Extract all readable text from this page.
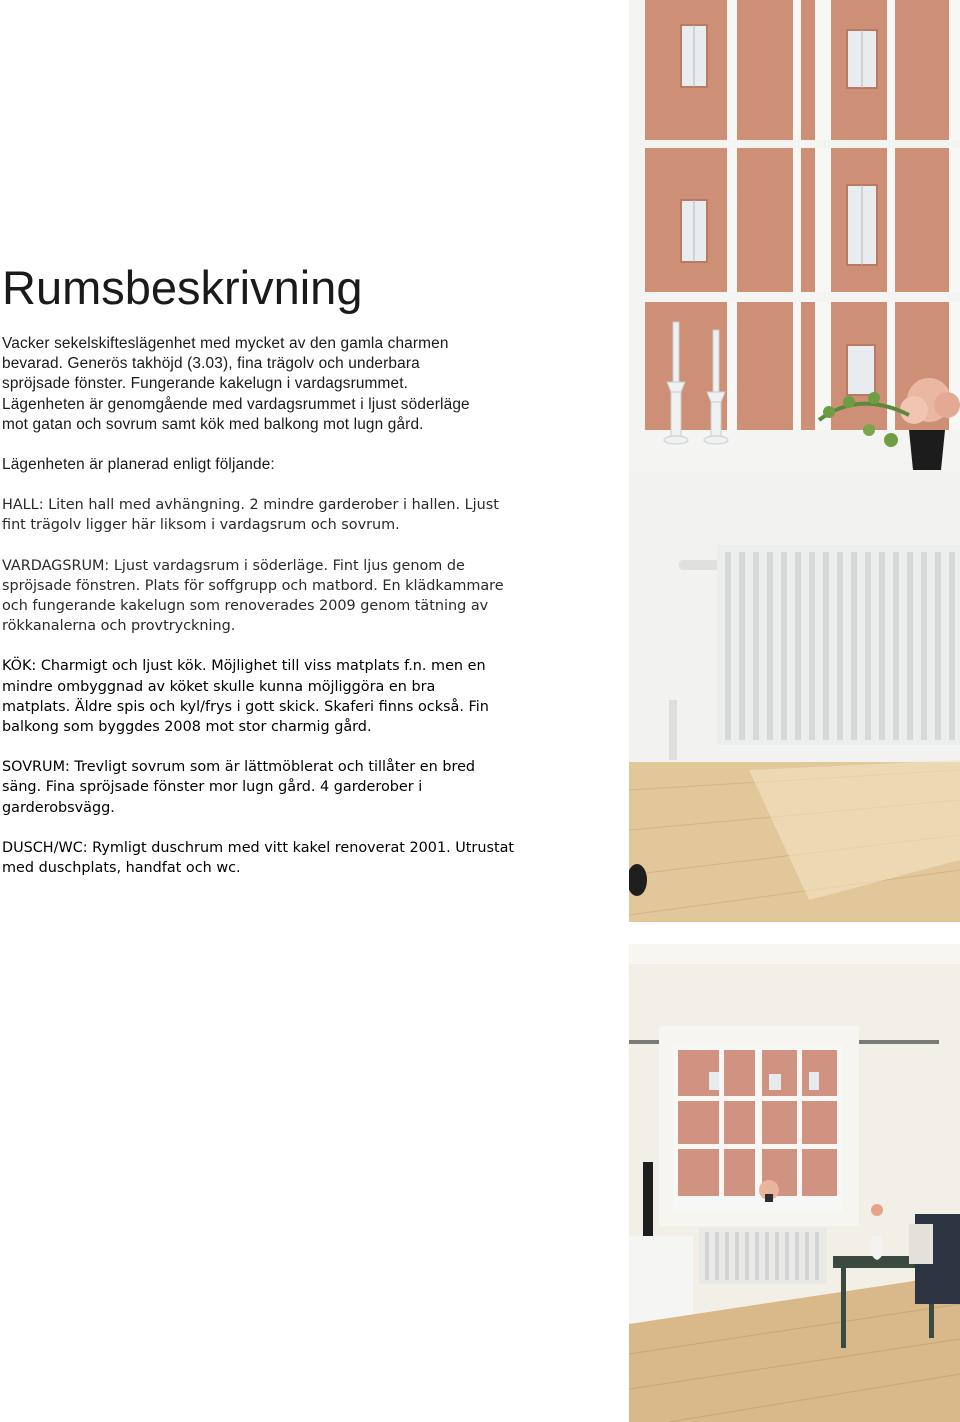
Rumsbeskrivning
Vacker sekelskifteslägenhet med mycket av den gamla charmen
bevarad. Generös takhöjd (3.03), fina trägolv och underbara
spröjsade fönster. Fungerande kakelugn i vardagsrummet.
Lägenheten är genomgående med vardagsrummet i ljust söderläge
mot gatan och sovrum samt kök med balkong mot lugn gård.
Lägenheten är planerad enligt följande:
HALL: Liten hall med avhängning. 2 mindre garderober i hallen. Ljust
fint trägolv ligger här liksom i vardagsrum och sovrum.
VARDAGSRUM: Ljust vardagsrum i söderläge. Fint ljus genom de
spröjsade fönstren. Plats för soffgrupp och matbord. En klädkammare
och fungerande kakelugn som renoverades 2009 genom tätning av
rökkanalerna och provtryckning.
KÖK: Charmigt och ljust kök. Möjlighet till viss matplats f.n. men en
mindre ombyggnad av köket skulle kunna möjliggöra en bra
matplats. Äldre spis och kyl/frys i gott skick. Skaferi finns också. Fin
balkong som byggdes 2008 mot stor charmig gård.
SOVRUM: Trevligt sovrum som är lättmöblerat och tillåter en bred
säng. Fina spröjsade fönster mor lugn gård. 4 garderober i
garderobsvägg.
DUSCH/WC: Rymligt duschrum med vitt kakel renoverat 2001. Utrustat
med duschplats, handfat och wc.
